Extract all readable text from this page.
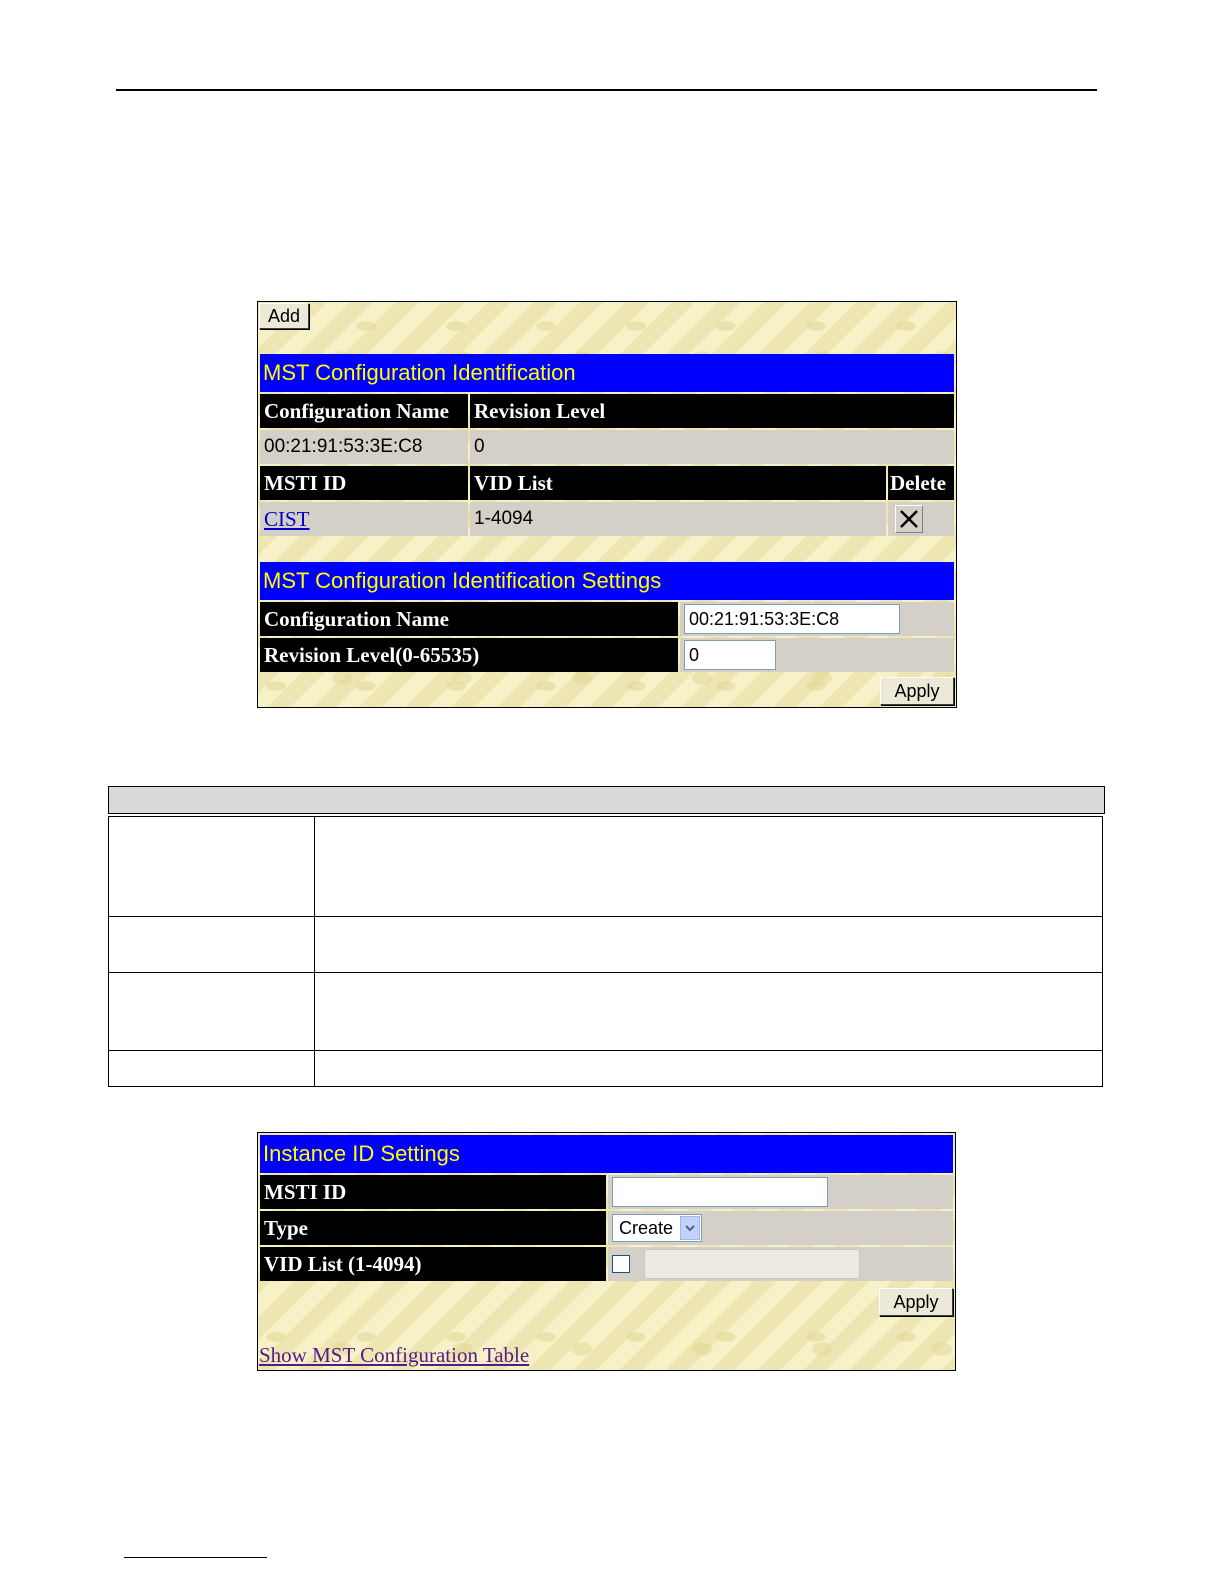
Add
MST Configuration Identification
Configuration Name	Revision Level
00:21:91:53:3E:C8	0
MSTI ID	VID List	Delete
CIST	1-4094
MST Configuration Identification Settings
Configuration Name	00:21:91:53:3E:C8
Revision Level(0-65535)	0
Apply

Instance ID Settings
MSTI ID
Type	Create
VID List (1-4094)
Apply
Show MST Configuration Table
